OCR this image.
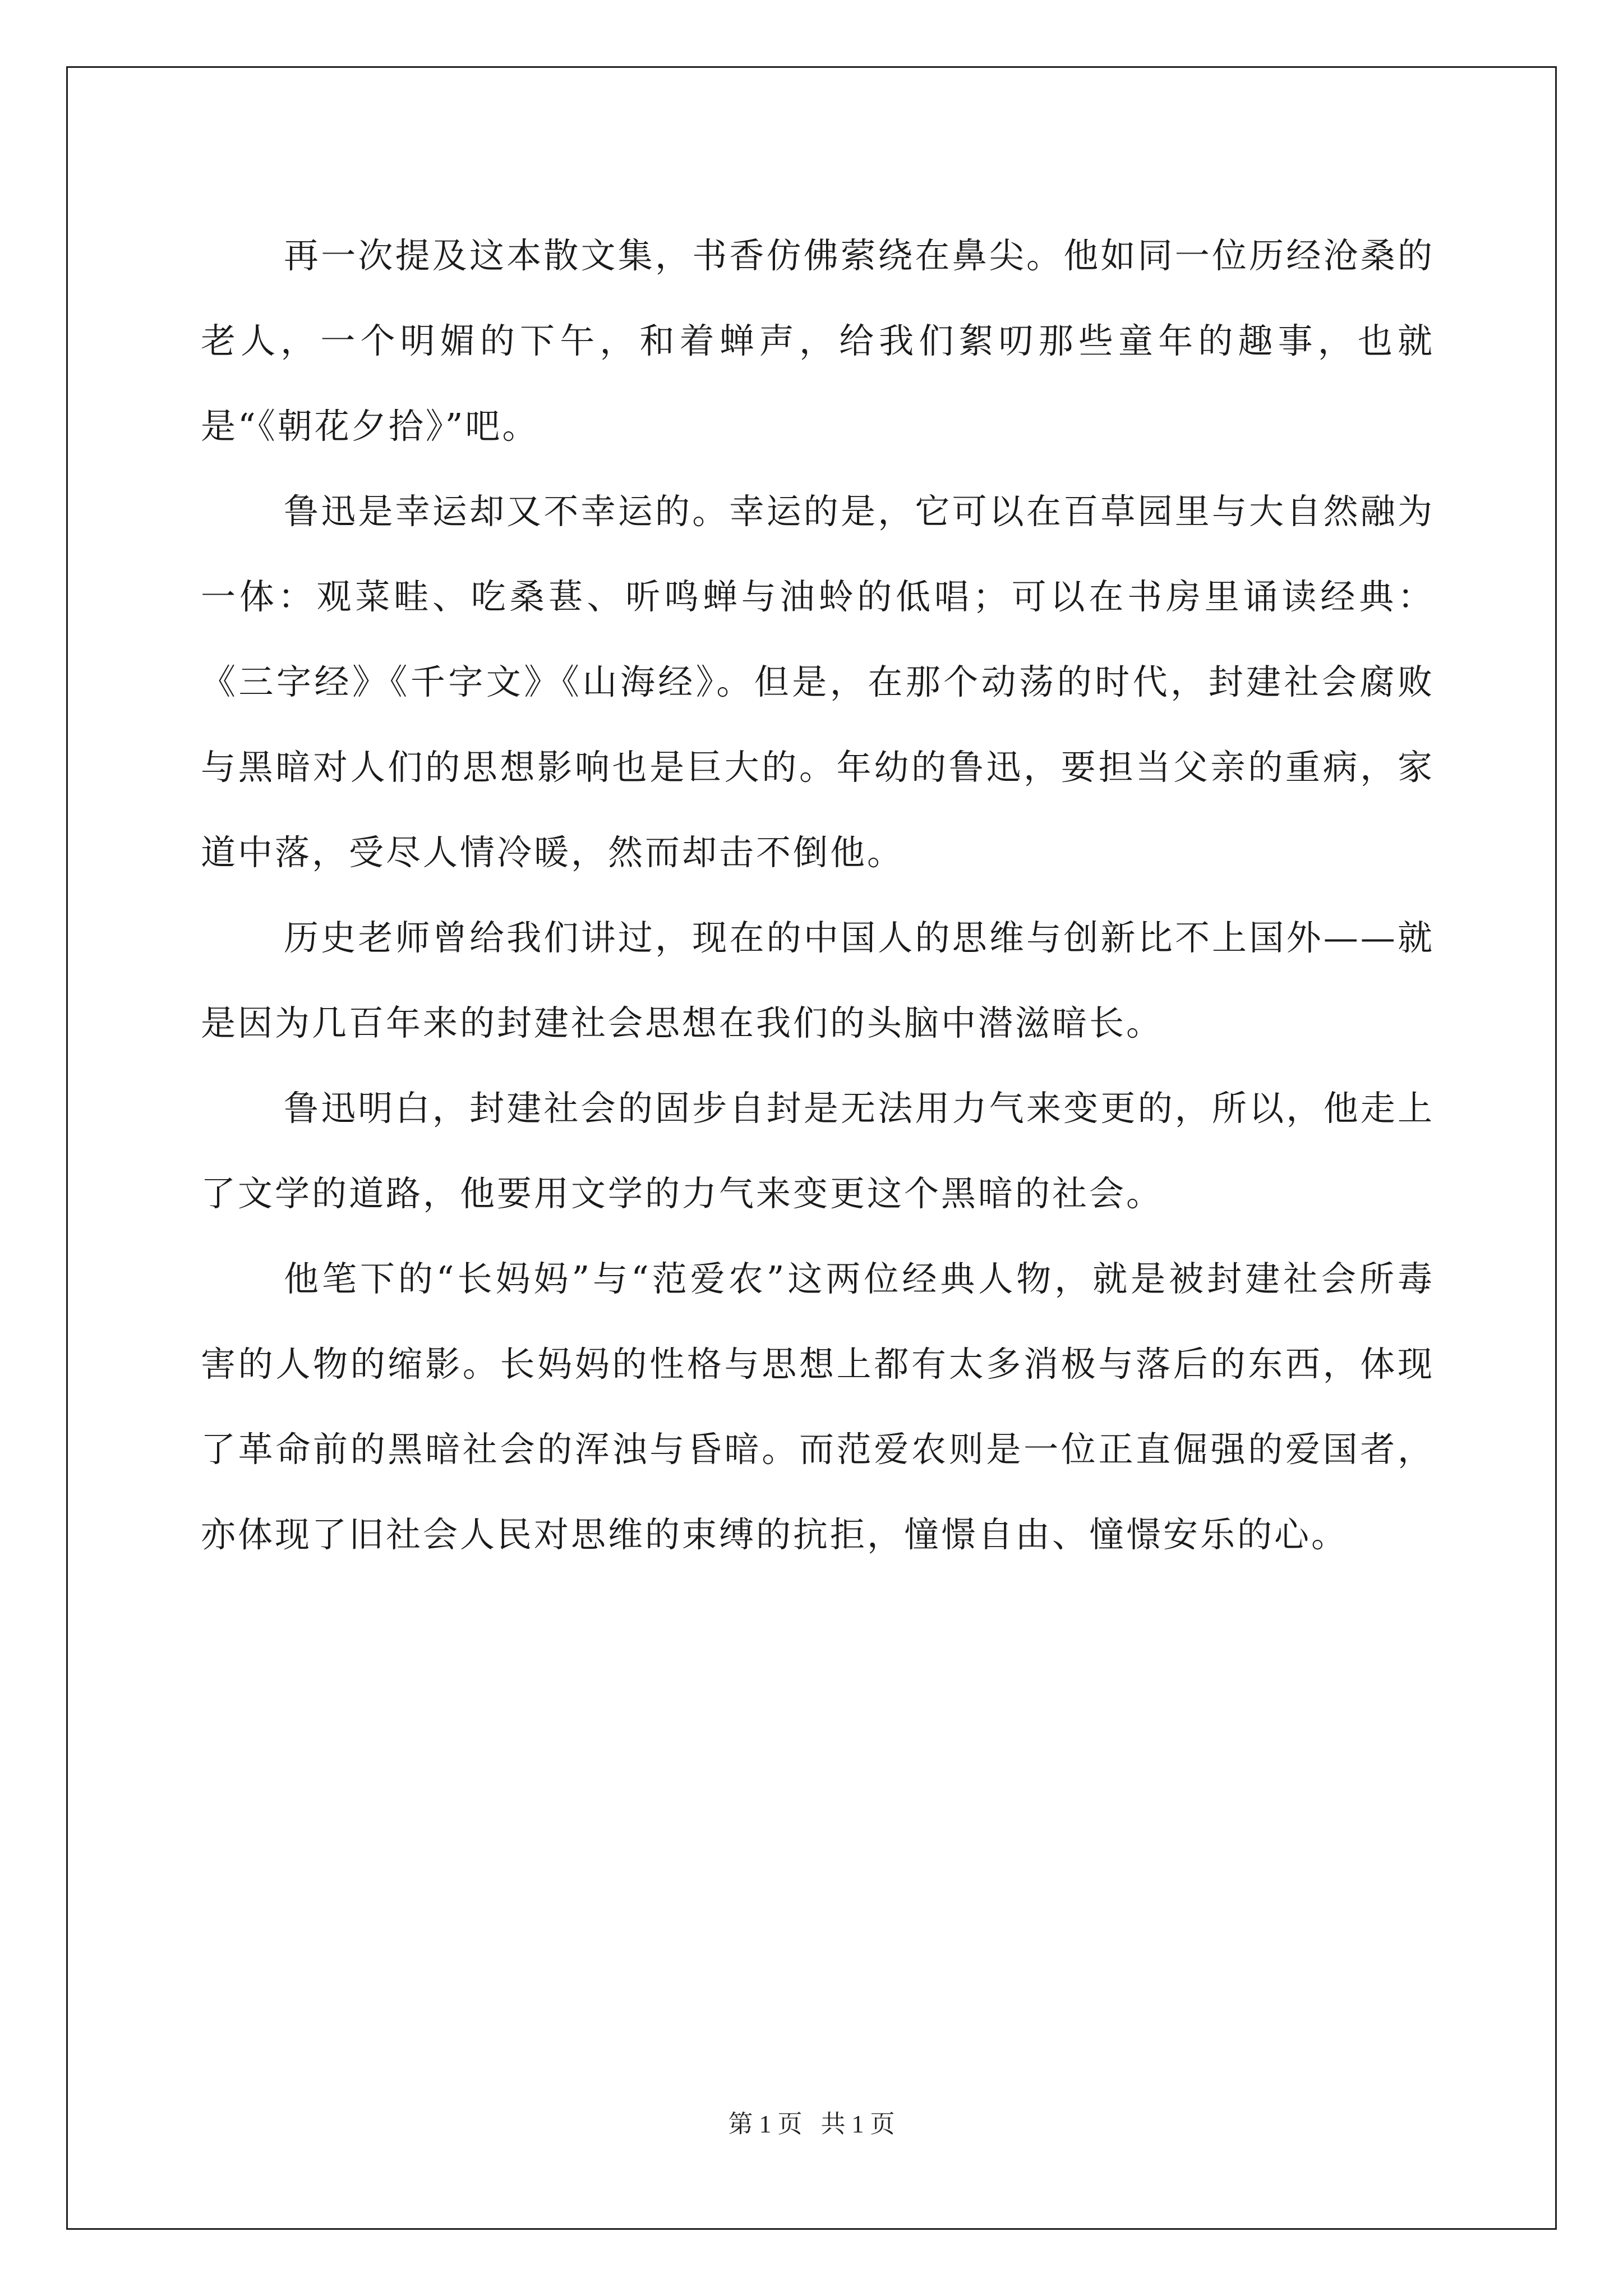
再一次提及这本散文集，书香仿佛萦绕在鼻尖。他如同一位历经沧桑的老人，一个明媚的下午，和着蝉声，给我们絮叨那些童年的趣事，也就是“《朝花夕拾》”吧。

鲁迅是幸运却又不幸运的。幸运的是，它可以在百草园里与大自然融为一体：观菜畦、吃桑葚、听鸣蝉与油蛉的低唱；可以在书房里诵读经典：《三字经》《千字文》《山海经》。但是，在那个动荡的时代，封建社会腐败与黑暗对人们的思想影响也是巨大的。年幼的鲁迅，要担当父亲的重病，家道中落，受尽人情冷暖，然而却击不倒他。

历史老师曾给我们讲过，现在的中国人的思维与创新比不上国外——就是因为几百年来的封建社会思想在我们的头脑中潜滋暗长。

鲁迅明白，封建社会的固步自封是无法用力气来变更的，所以，他走上了文学的道路，他要用文学的力气来变更这个黑暗的社会。

他笔下的“长妈妈”与“范爱农”这两位经典人物，就是被封建社会所毒害的人物的缩影。长妈妈的性格与思想上都有太多消极与落后的东西，体现了革命前的黑暗社会的浑浊与昏暗。而范爱农则是一位正直倔强的爱国者，亦体现了旧社会人民对思维的束缚的抗拒，憧憬自由、憧憬安乐的心。

第 1 页   共 1 页
